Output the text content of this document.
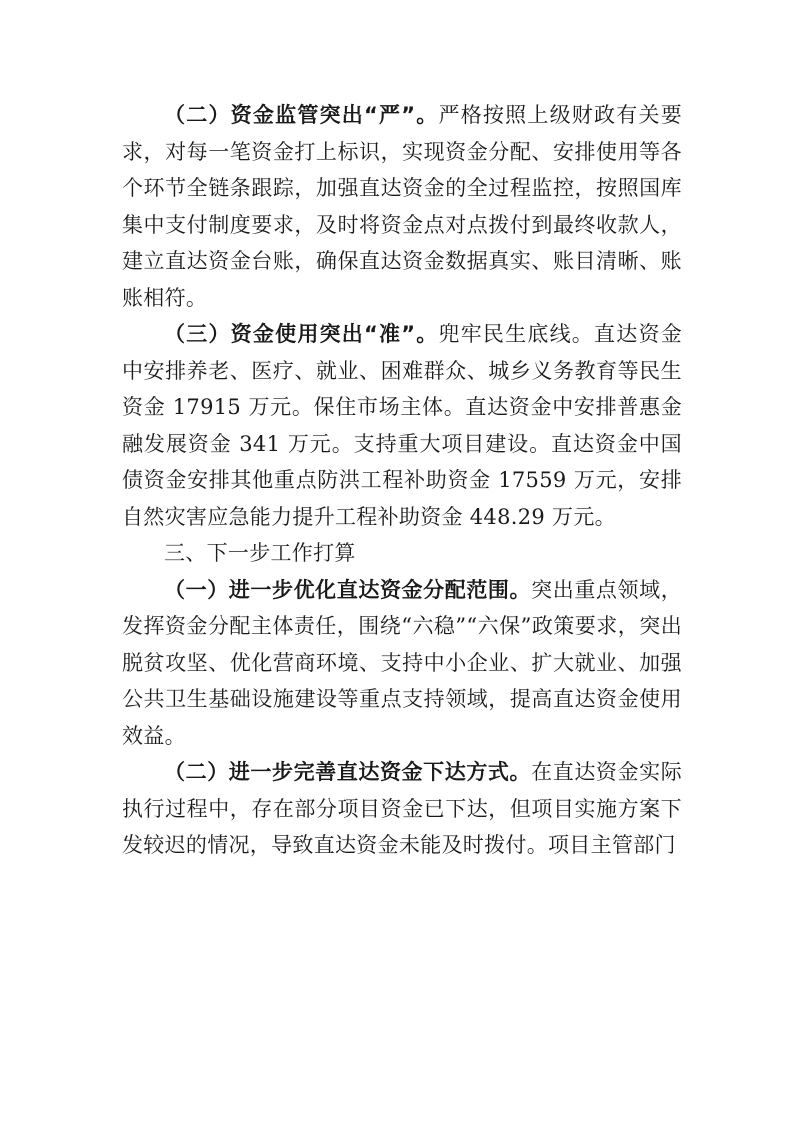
（二）资金监管突出“严”。严格按照上级财政有关要求，对每一笔资金打上标识，实现资金分配、安排使用等各个环节全链条跟踪，加强直达资金的全过程监控，按照国库集中支付制度要求，及时将资金点对点拨付到最终收款人，建立直达资金台账，确保直达资金数据真实、账目清晰、账账相符。

（三）资金使用突出“准”。兜牢民生底线。直达资金中安排养老、医疗、就业、困难群众、城乡义务教育等民生资金 17915 万元。保住市场主体。直达资金中安排普惠金融发展资金 341 万元。支持重大项目建设。直达资金中国债资金安排其他重点防洪工程补助资金 17559 万元，安排自然灾害应急能力提升工程补助资金 448.29 万元。

三、下一步工作打算

（一）进一步优化直达资金分配范围。突出重点领域，发挥资金分配主体责任，围绕“六稳”“六保”政策要求，突出脱贫攻坚、优化营商环境、支持中小企业、扩大就业、加强公共卫生基础设施建设等重点支持领域，提高直达资金使用效益。

（二）进一步完善直达资金下达方式。在直达资金实际执行过程中，存在部分项目资金已下达，但项目实施方案下发较迟的情况，导致直达资金未能及时拨付。项目主管部门
